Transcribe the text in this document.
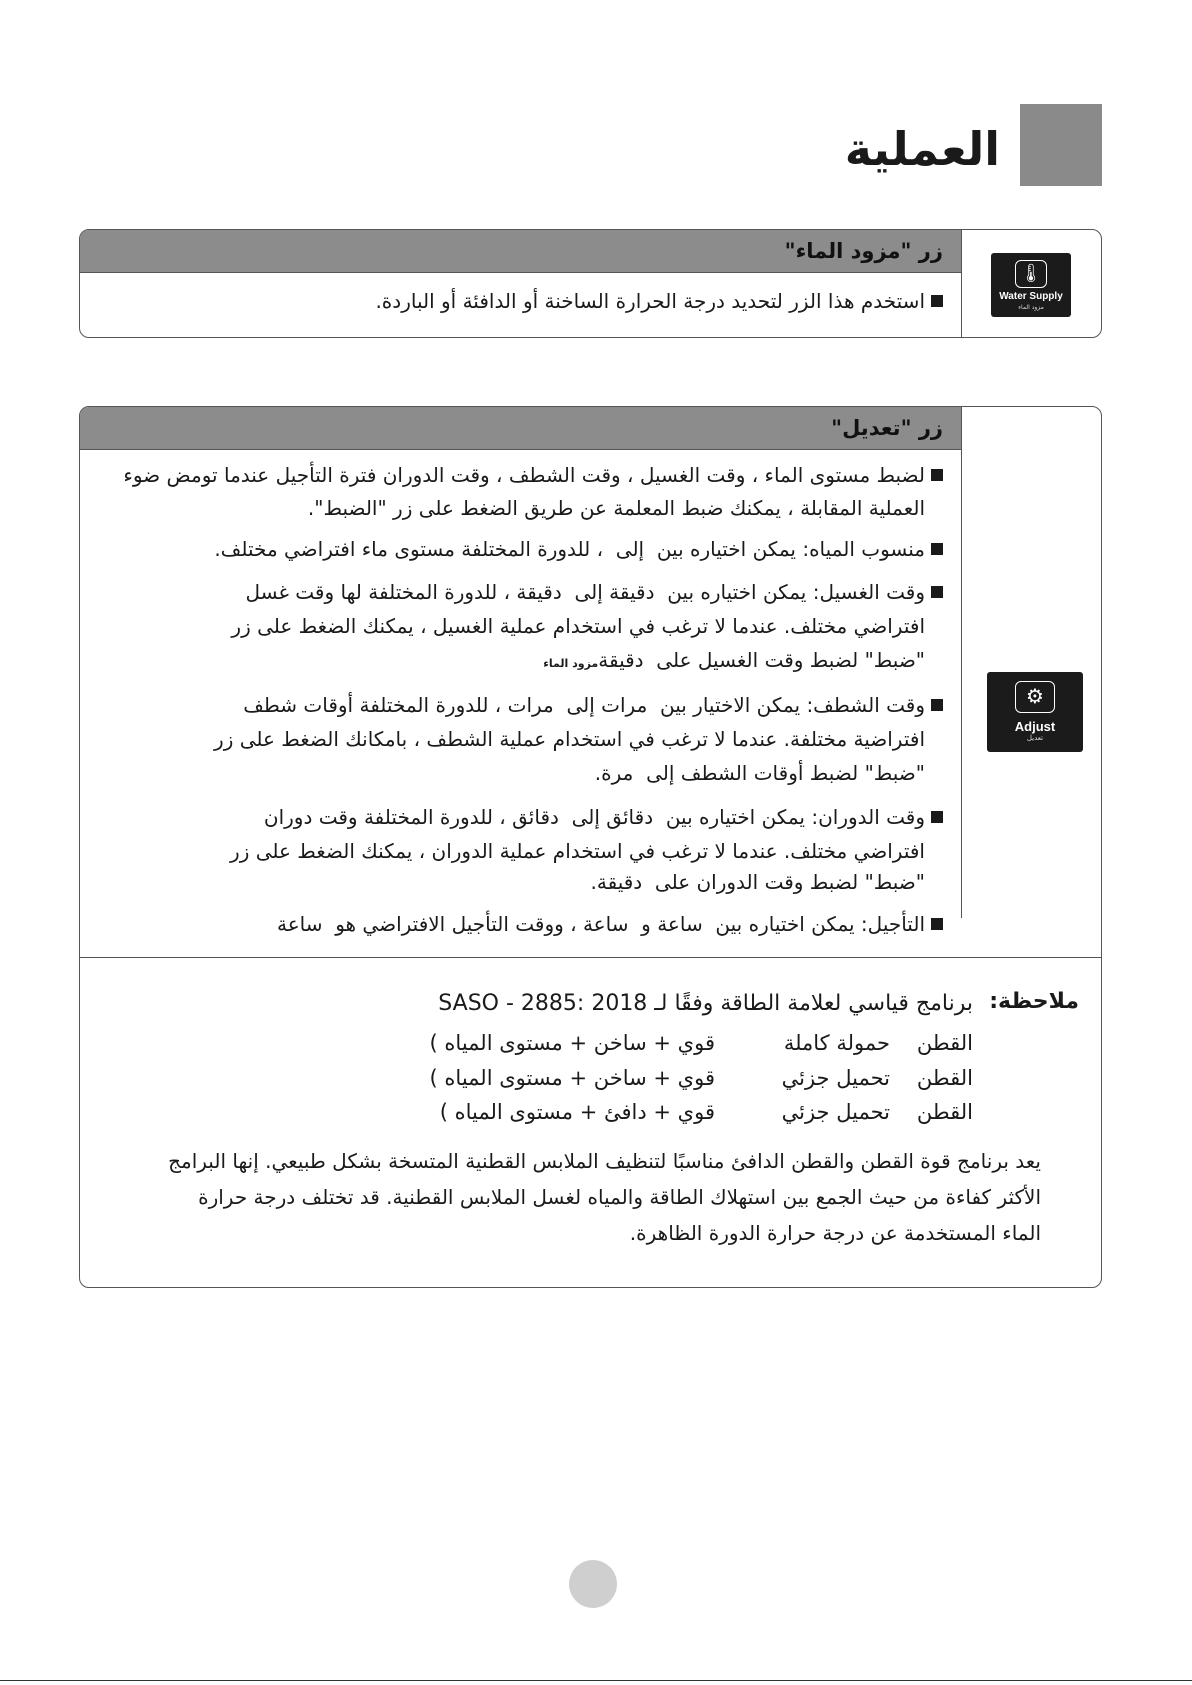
العملية
زر "مزود الماء"
🌡
Water Supply
مزود الماء
استخدم هذا الزر لتحديد درجة الحرارة الساخنة أو الدافئة أو الباردة.
زر "تعديل"
⚙
Adjust
تعديل
لضبط مستوى الماء ، وقت الغسيل ، وقت الشطف ، وقت الدوران فترة التأجيل عندما تومض ضوء
العملية المقابلة ، يمكنك ضبط المعلمة عن طريق الضغط على زر "الضبط".
منسوب المياه: يمكن اختياره بين ‍ إلى ‍ ، للدورة المختلفة مستوى ماء افتراضي مختلف.
وقت الغسيل: يمكن اختياره بين ‍ دقيقة إلى ‍ دقيقة ، للدورة المختلفة لها وقت غسل
افتراضي مختلف. عندما لا ترغب في استخدام عملية الغسيل ، يمكنك الضغط على زر
"ضبط" لضبط وقت الغسيل على ‍ دقيقةمزود الماء
وقت الشطف: يمكن الاختيار بين ‍ مرات إلى ‍ مرات ، للدورة المختلفة أوقات شطف
افتراضية مختلفة. عندما لا ترغب في استخدام عملية الشطف ، بامكانك الضغط على زر
"ضبط" لضبط أوقات الشطف إلى ‍ مرة.
وقت الدوران: يمكن اختياره بين ‍ دقائق إلى ‍ دقائق ، للدورة المختلفة وقت دوران
افتراضي مختلف. عندما لا ترغب في استخدام عملية الدوران ، يمكنك الضغط على زر
"ضبط" لضبط وقت الدوران على ‍ دقيقة.
التأجيل: يمكن اختياره بين ‍ ساعة و ‍ ساعة ، ووقت التأجيل الافتراضي هو ‍ ساعة
ملاحظة:
برنامج قياسي لعلامة الطاقة وفقًا لـ SASO - 2885: 2018
القطنحمولة كاملةقوي + ساخن + مستوى المياه )
القطنتحميل جزئيقوي + ساخن + مستوى المياه )
القطنتحميل جزئيقوي + دافئ + مستوى المياه )
يعد برنامج قوة القطن والقطن الدافئ مناسبًا لتنظيف الملابس القطنية المتسخة بشكل طبيعي. إنها البرامج
الأكثر كفاءة من حيث الجمع بين استهلاك الطاقة والمياه لغسل الملابس القطنية. قد تختلف درجة حرارة
الماء المستخدمة عن درجة حرارة الدورة الظاهرة.
